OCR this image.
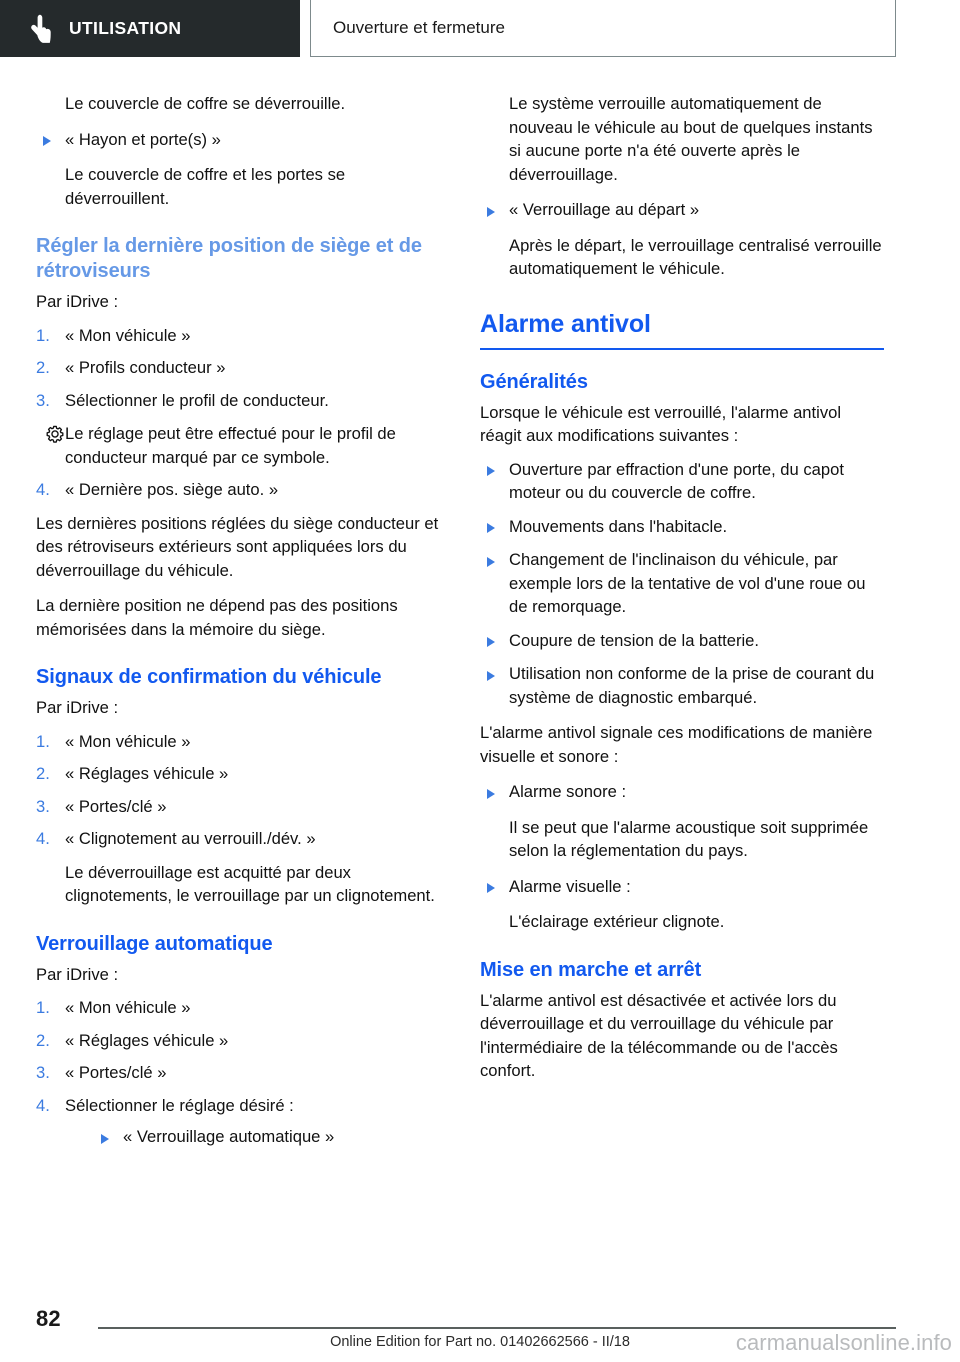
UTILISATION	Ouverture et fermeture

Le couvercle de coffre se déverrouille.

« Hayon et porte(s) »

Le couvercle de coffre et les portes se déverrouillent.

Régler la dernière position de siège et de rétroviseurs

Par iDrive :

« Mon véhicule »
« Profils conducteur »
Sélectionner le profil de conducteur.
Le réglage peut être effectué pour le profil de conducteur marqué par ce symbole.
« Dernière pos. siège auto. »

Les dernières positions réglées du siège conducteur et des rétroviseurs extérieurs sont appliquées lors du déverrouillage du véhicule.

La dernière position ne dépend pas des positions mémorisées dans la mémoire du siège.

Signaux de confirmation du véhicule

Par iDrive :

« Mon véhicule »
« Réglages véhicule »
« Portes/clé »
« Clignotement au verrouill./dév. »

Le déverrouillage est acquitté par deux clignotements, le verrouillage par un clignotement.

Verrouillage automatique

Par iDrive :

« Mon véhicule »
« Réglages véhicule »
« Portes/clé »
Sélectionner le réglage désiré :
« Verrouillage automatique »

Le système verrouille automatiquement de nouveau le véhicule au bout de quelques instants si aucune porte n'a été ouverte après le déverrouillage.

« Verrouillage au départ »

Après le départ, le verrouillage centralisé verrouille automatiquement le véhicule.

Alarme antivol
Généralités

Lorsque le véhicule est verrouillé, l'alarme antivol réagit aux modifications suivantes :

Ouverture par effraction d'une porte, du capot moteur ou du couvercle de coffre.
Mouvements dans l'habitacle.
Changement de l'inclinaison du véhicule, par exemple lors de la tentative de vol d'une roue ou de remorquage.
Coupure de tension de la batterie.
Utilisation non conforme de la prise de courant du système de diagnostic embarqué.

L'alarme antivol signale ces modifications de manière visuelle et sonore :

Alarme sonore :

Il se peut que l'alarme acoustique soit supprimée selon la réglementation du pays.

Alarme visuelle :

L'éclairage extérieur clignote.

Mise en marche et arrêt

L'alarme antivol est désactivée et activée lors du déverrouillage et du verrouillage du véhicule par l'intermédiaire de la télécommande ou de l'accès confort.

82
Online Edition for Part no. 01402662566 - II/18	carmanualsonline.info
